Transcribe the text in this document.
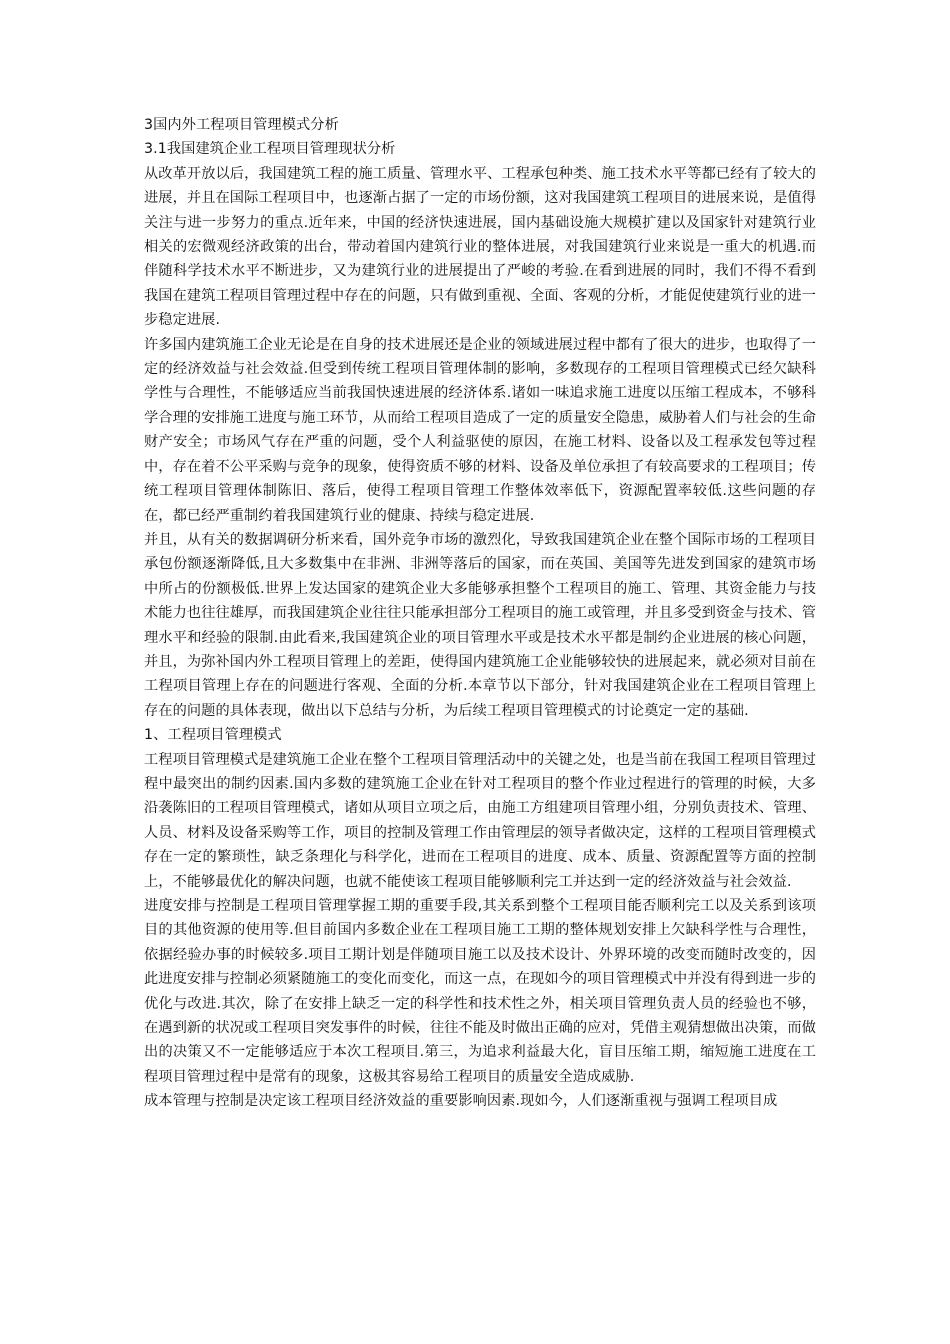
3国内外工程项目管理模式分析
3.1我国建筑企业工程项目管理现状分析

从改革开放以后，我国建筑工程的施工质量、管理水平、工程承包种类、施工技术水平等都已经有了较大的进展，并且在国际工程项目中，也逐渐占据了一定的市场份额，这对我国建筑工程项目的进展来说，是值得关注与进一步努力的重点.近年来，中国的经济快速进展，国内基础设施大规模扩建以及国家针对建筑行业相关的宏微观经济政策的出台，带动着国内建筑行业的整体进展，对我国建筑行业来说是一重大的机遇.而伴随科学技术水平不断进步，又为建筑行业的进展提出了严峻的考验.在看到进展的同时，我们不得不看到我国在建筑工程项目管理过程中存在的问题，只有做到重视、全面、客观的分析，才能促使建筑行业的进一步稳定进展.

许多国内建筑施工企业无论是在自身的技术进展还是企业的领域进展过程中都有了很大的进步，也取得了一定的经济效益与社会效益.但受到传统工程项目管理体制的影响，多数现存的工程项目管理模式已经欠缺科学性与合理性，不能够适应当前我国快速进展的经济体系.诸如一味追求施工进度以压缩工程成本，不够科学合理的安排施工进度与施工环节，从而给工程项目造成了一定的质量安全隐患，威胁着人们与社会的生命财产安全；市场风气存在严重的问题，受个人利益驱使的原因，在施工材料、设备以及工程承发包等过程中，存在着不公平采购与竞争的现象，使得资质不够的材料、设备及单位承担了有较高要求的工程项目；传统工程项目管理体制陈旧、落后，使得工程项目管理工作整体效率低下，资源配置率较低.这些问题的存在，都已经严重制约着我国建筑行业的健康、持续与稳定进展.

并且，从有关的数据调研分析来看，国外竞争市场的激烈化，导致我国建筑企业在整个国际市场的工程项目承包份额逐渐降低,且大多数集中在非洲、非洲等落后的国家，而在英国、美国等先进发到国家的建筑市场中所占的份额极低.世界上发达国家的建筑企业大多能够承担整个工程项目的施工、管理、其资金能力与技术能力也往往雄厚，而我国建筑企业往往只能承担部分工程项目的施工或管理，并且多受到资金与技术、管理水平和经验的限制.由此看来,我国建筑企业的项目管理水平或是技术水平都是制约企业进展的核心问题，并且，为弥补国内外工程项目管理上的差距，使得国内建筑施工企业能够较快的进展起来，就必须对目前在工程项目管理上存在的问题进行客观、全面的分析.本章节以下部分，针对我国建筑企业在工程项目管理上存在的问题的具体表现，做出以下总结与分析，为后续工程项目管理模式的讨论奠定一定的基础.

1、工程项目管理模式

工程项目管理模式是建筑施工企业在整个工程项目管理活动中的关键之处，也是当前在我国工程项目管理过程中最突出的制约因素.国内多数的建筑施工企业在针对工程项目的整个作业过程进行的管理的时候，大多沿袭陈旧的工程项目管理模式，诸如从项目立项之后，由施工方组建项目管理小组，分别负责技术、管理、人员、材料及设备采购等工作，项目的控制及管理工作由管理层的领导者做决定，这样的工程项目管理模式存在一定的繁琐性，缺乏条理化与科学化，进而在工程项目的进度、成本、质量、资源配置等方面的控制上，不能够最优化的解决问题，也就不能使该工程项目能够顺利完工并达到一定的经济效益与社会效益.

进度安排与控制是工程项目管理掌握工期的重要手段,其关系到整个工程项目能否顺利完工以及关系到该项目的其他资源的使用等.但目前国内多数企业在工程项目施工工期的整体规划安排上欠缺科学性与合理性，依据经验办事的时候较多.项目工期计划是伴随项目施工以及技术设计、外界环境的改变而随时改变的，因此进度安排与控制必须紧随施工的变化而变化，而这一点，在现如今的项目管理模式中并没有得到进一步的优化与改进.其次，除了在安排上缺乏一定的科学性和技术性之外，相关项目管理负责人员的经验也不够，在遇到新的状况或工程项目突发事件的时候，往往不能及时做出正确的应对，凭借主观猜想做出决策，而做出的决策又不一定能够适应于本次工程项目.第三，为追求利益最大化，盲目压缩工期，缩短施工进度在工程项目管理过程中是常有的现象，这极其容易给工程项目的质量安全造成威胁.

成本管理与控制是决定该工程项目经济效益的重要影响因素.现如今，人们逐渐重视与强调工程项目成
